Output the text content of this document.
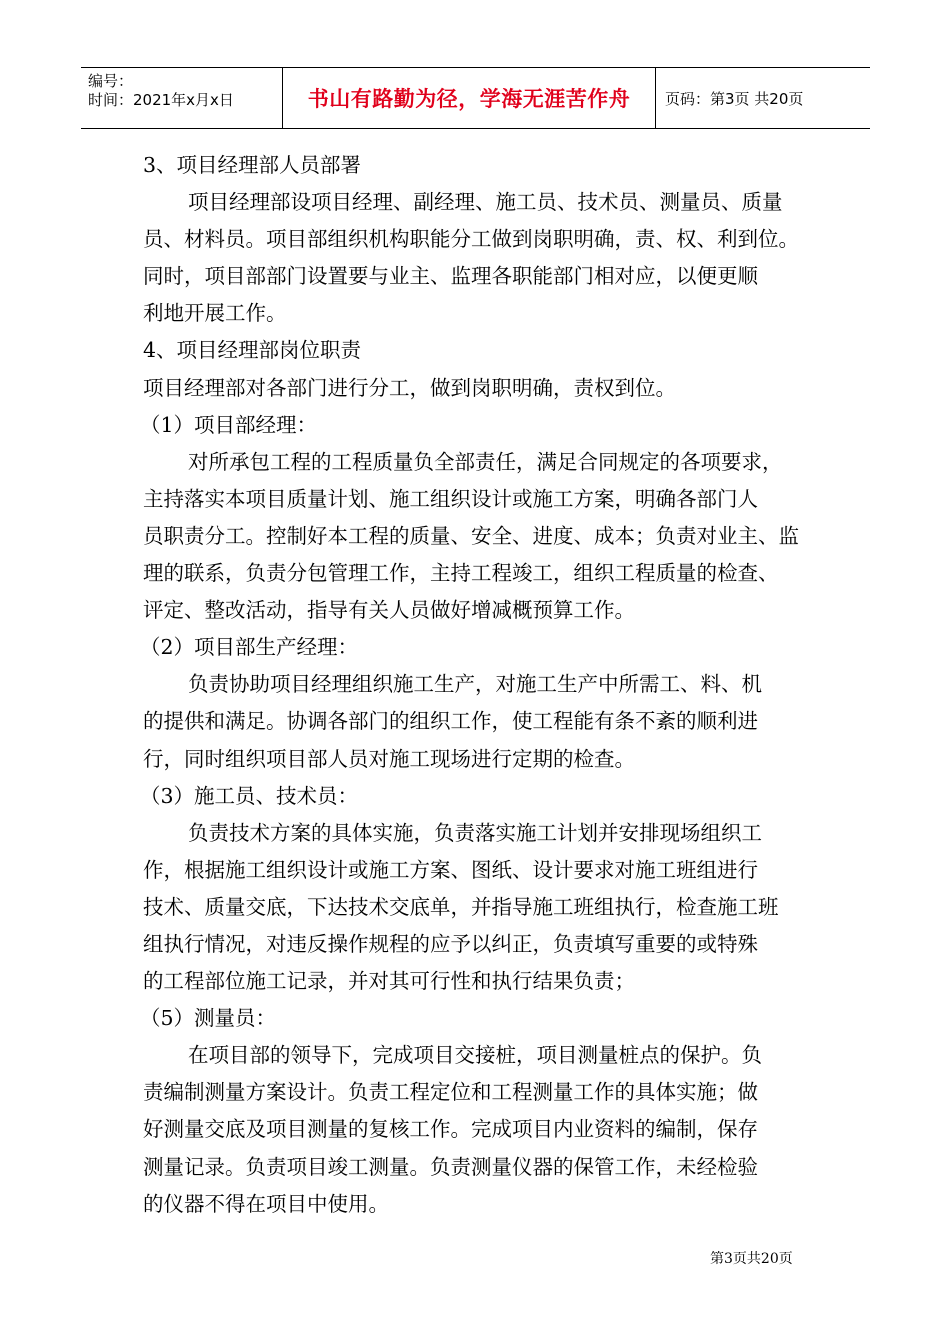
编号：
时间：2021年x月x日	书山有路勤为径，学海无涯苦作舟	页码：第3页 共20页

3、项目经理部人员部署

项目经理部设项目经理、副经理、施工员、技术员、测量员、质量

员、材料员。项目部组织机构职能分工做到岗职明确，责、权、利到位。

同时，项目部部门设置要与业主、监理各职能部门相对应，以便更顺

利地开展工作。

4、项目经理部岗位职责

项目经理部对各部门进行分工，做到岗职明确，责权到位。

（1）项目部经理：

对所承包工程的工程质量负全部责任，满足合同规定的各项要求，

主持落实本项目质量计划、施工组织设计或施工方案，明确各部门人

员职责分工。控制好本工程的质量、安全、进度、成本；负责对业主、监

理的联系，负责分包管理工作，主持工程竣工，组织工程质量的检查、

评定、整改活动，指导有关人员做好增减概预算工作。

（2）项目部生产经理：

负责协助项目经理组织施工生产，对施工生产中所需工、料、机

的提供和满足。协调各部门的组织工作，使工程能有条不紊的顺利进

行，同时组织项目部人员对施工现场进行定期的检查。

（3）施工员、技术员：

负责技术方案的具体实施，负责落实施工计划并安排现场组织工

作，根据施工组织设计或施工方案、图纸、设计要求对施工班组进行

技术、质量交底，下达技术交底单，并指导施工班组执行，检查施工班

组执行情况，对违反操作规程的应予以纠正，负责填写重要的或特殊

的工程部位施工记录，并对其可行性和执行结果负责；

（5）测量员：

在项目部的领导下，完成项目交接桩，项目测量桩点的保护。负

责编制测量方案设计。负责工程定位和工程测量工作的具体实施；做

好测量交底及项目测量的复核工作。完成项目内业资料的编制，保存

测量记录。负责项目竣工测量。负责测量仪器的保管工作，未经检验

的仪器不得在项目中使用。

第3页共20页
